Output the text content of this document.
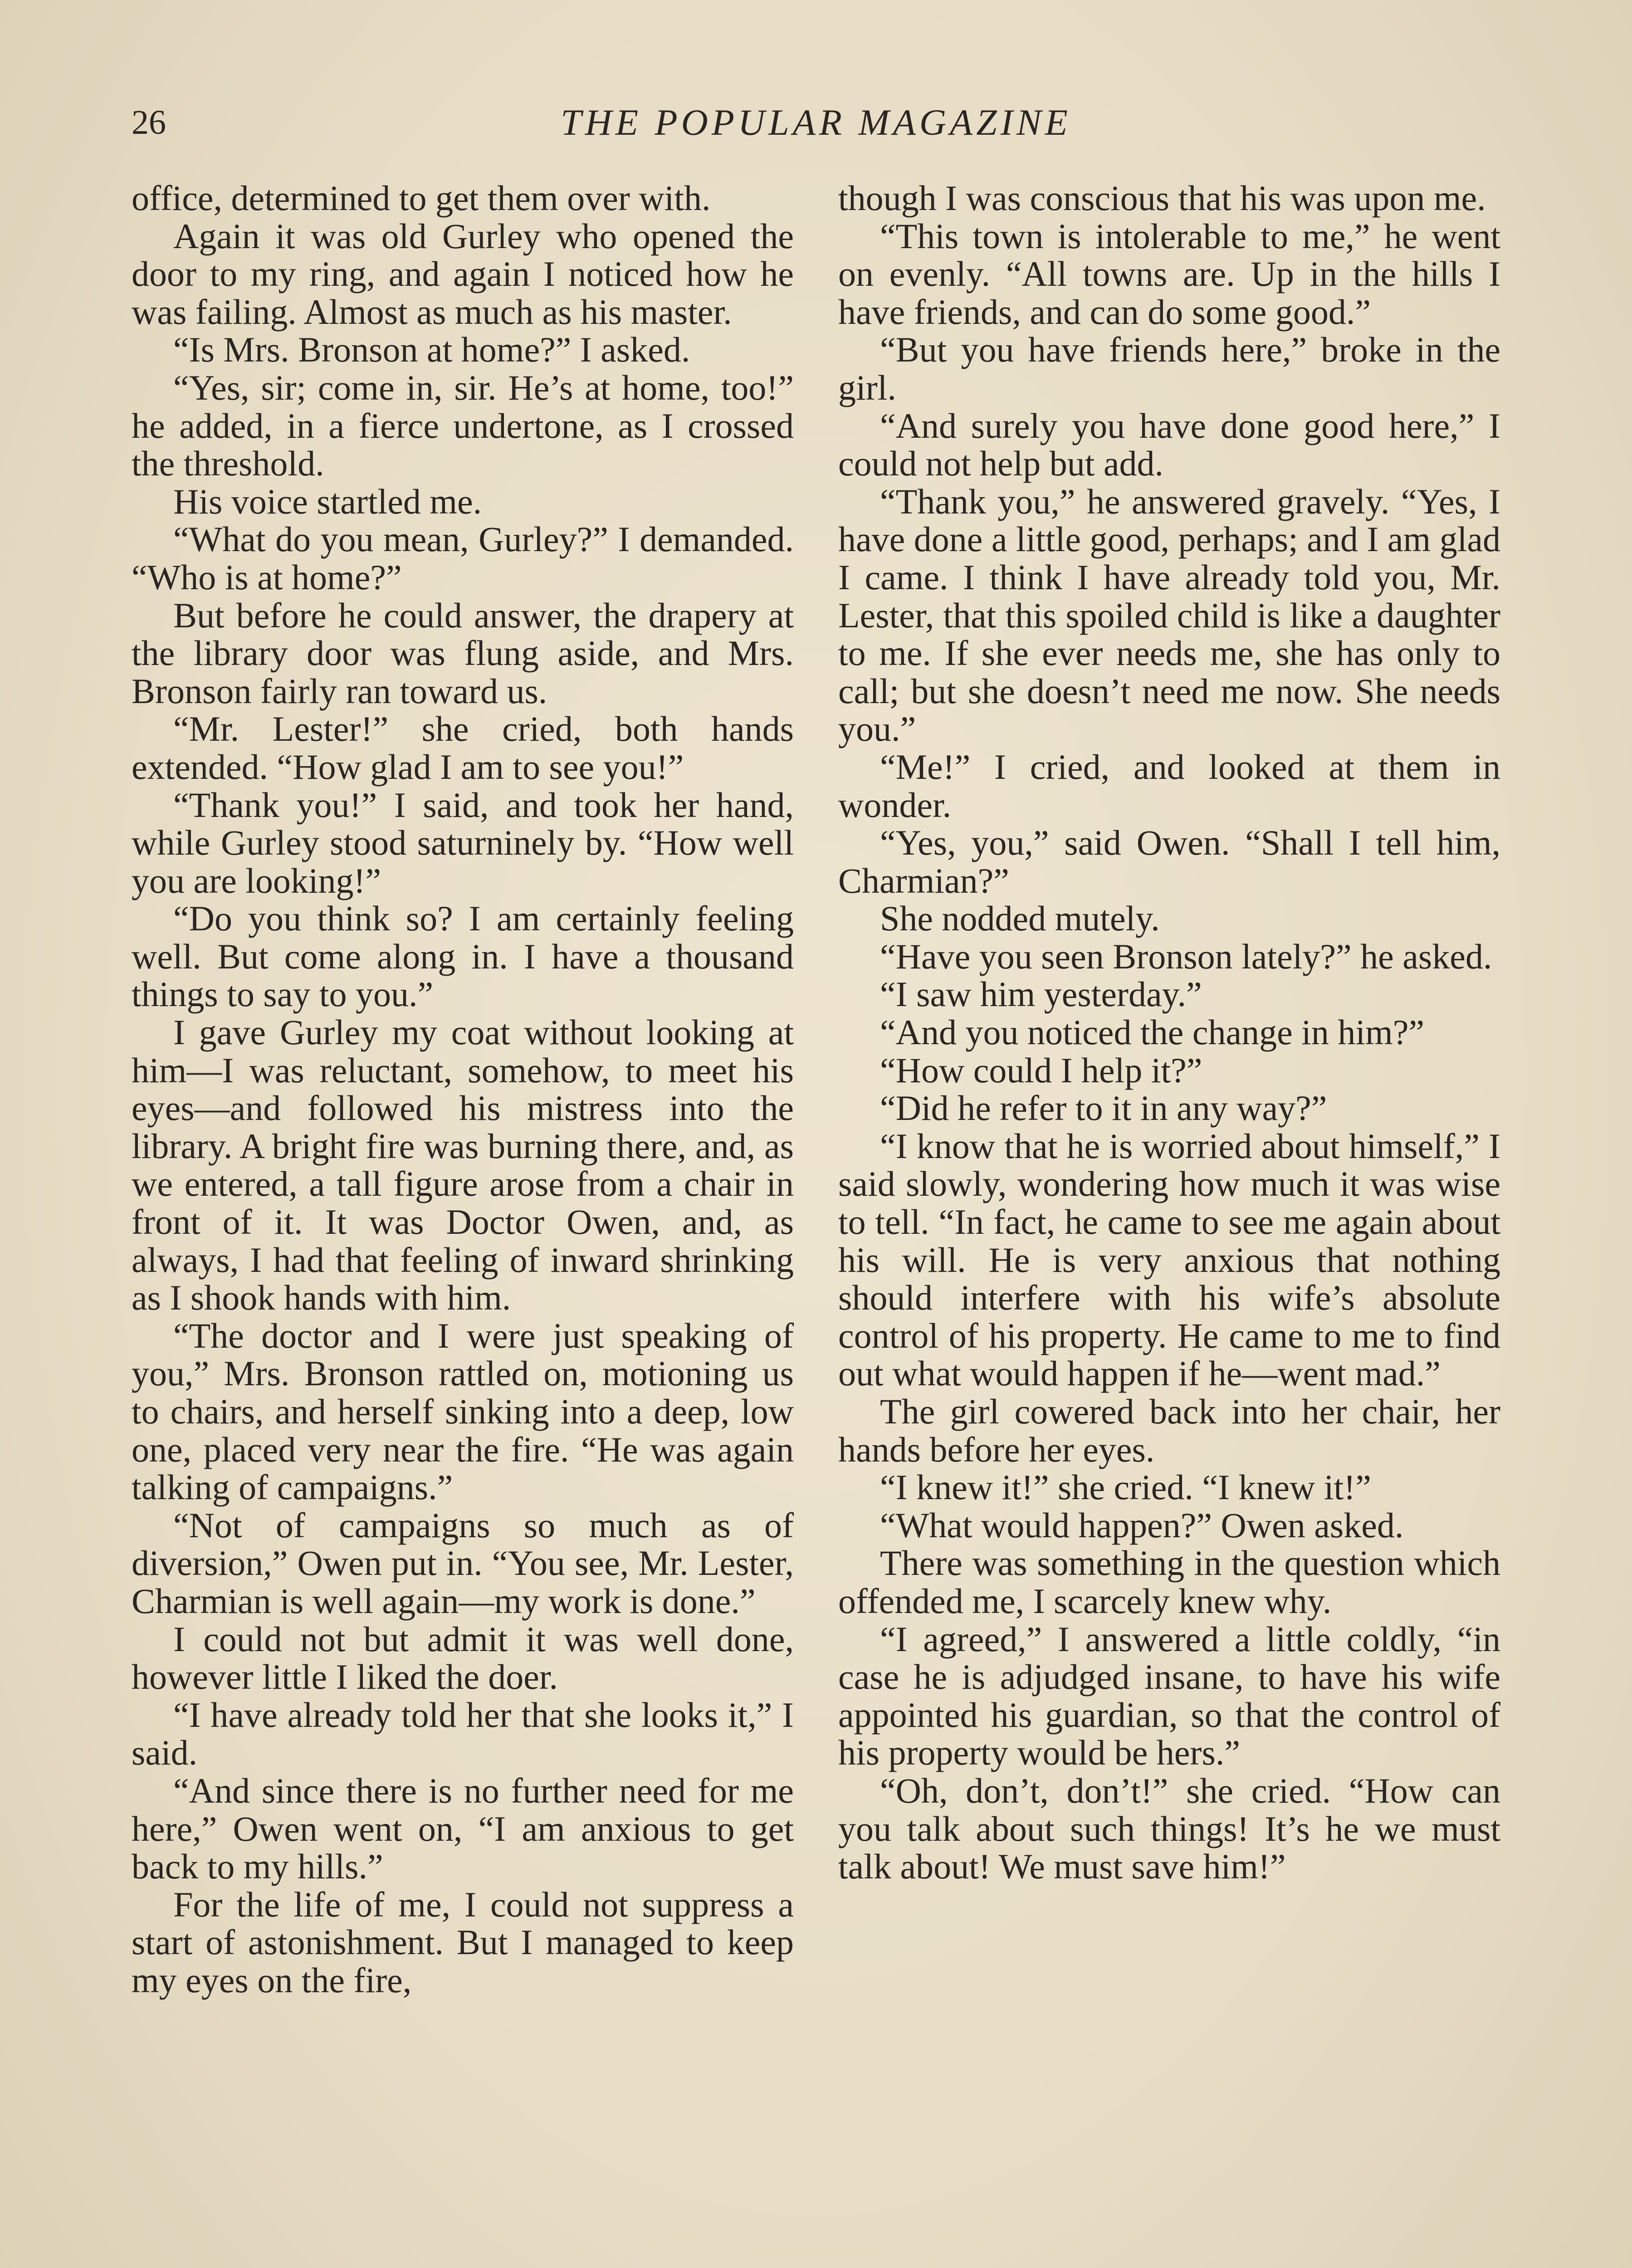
26	THE POPULAR MAGAZINE

office, determined to get them over with.

Again it was old Gurley who opened the door to my ring, and again I noticed how he was failing. Almost as much as his master.

“Is Mrs. Bronson at home?” I asked.

“Yes, sir; come in, sir. He’s at home, too!” he added, in a fierce undertone, as I crossed the threshold.

His voice startled me.

“What do you mean, Gurley?” I demanded. “Who is at home?”

But before he could answer, the drapery at the library door was flung aside, and Mrs. Bronson fairly ran toward us.

“Mr. Lester!” she cried, both hands extended. “How glad I am to see you!”

“Thank you!” I said, and took her hand, while Gurley stood saturninely by. “How well you are looking!”

“Do you think so? I am certainly feeling well. But come along in. I have a thousand things to say to you.”

I gave Gurley my coat without looking at him—I was reluctant, somehow, to meet his eyes—and followed his mistress into the library. A bright fire was burning there, and, as we entered, a tall figure arose from a chair in front of it. It was Doctor Owen, and, as always, I had that feeling of inward shrinking as I shook hands with him.

“The doctor and I were just speaking of you,” Mrs. Bronson rattled on, motioning us to chairs, and herself sinking into a deep, low one, placed very near the fire. “He was again talking of campaigns.”

“Not of campaigns so much as of diversion,” Owen put in. “You see, Mr. Lester, Charmian is well again—my work is done.”

I could not but admit it was well done, however little I liked the doer.

“I have already told her that she looks it,” I said.

“And since there is no further need for me here,” Owen went on, “I am anxious to get back to my hills.”

For the life of me, I could not suppress a start of astonishment. But I managed to keep my eyes on the fire,

though I was conscious that his was upon me.

“This town is intolerable to me,” he went on evenly. “All towns are. Up in the hills I have friends, and can do some good.”

“But you have friends here,” broke in the girl.

“And surely you have done good here,” I could not help but add.

“Thank you,” he answered gravely. “Yes, I have done a little good, perhaps; and I am glad I came. I think I have already told you, Mr. Lester, that this spoiled child is like a daughter to me. If she ever needs me, she has only to call; but she doesn’t need me now. She needs you.”

“Me!” I cried, and looked at them in wonder.

“Yes, you,” said Owen. “Shall I tell him, Charmian?”

She nodded mutely.

“Have you seen Bronson lately?” he asked.

“I saw him yesterday.”

“And you noticed the change in him?”

“How could I help it?”

“Did he refer to it in any way?”

“I know that he is worried about himself,” I said slowly, wondering how much it was wise to tell. “In fact, he came to see me again about his will. He is very anxious that nothing should interfere with his wife’s absolute control of his property. He came to me to find out what would happen if he—went mad.”

The girl cowered back into her chair, her hands before her eyes.

“I knew it!” she cried. “I knew it!”

“What would happen?” Owen asked.

There was something in the question which offended me, I scarcely knew why.

“I agreed,” I answered a little coldly, “in case he is adjudged insane, to have his wife appointed his guardian, so that the control of his property would be hers.”

“Oh, don’t, don’t!” she cried. “How can you talk about such things! It’s he we must talk about! We must save him!”
